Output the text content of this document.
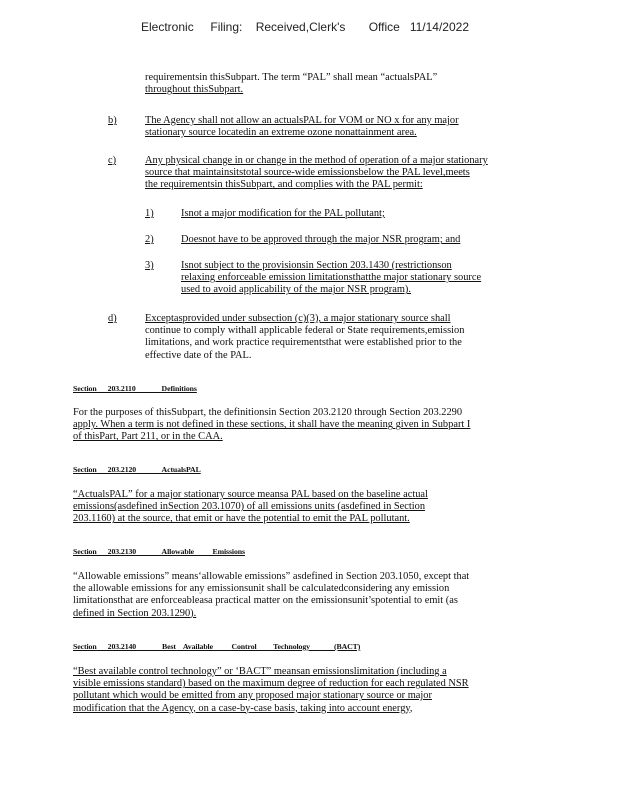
Electronic     Filing:    Received,Clerk's       Office   11/14/2022
requirementsin thisSubpart. The term “PAL” shall mean “actualsPAL”
throughout thisSubpart.
b)	The Agency shall not allow an actualsPAL for VOM or NO x for any major
stationary source locatedin an extreme ozone nonattainment area.
c)	Any physical change in or change in the method of operation of a major stationary
source that maintainsitstotal source-wide emissionsbelow the PAL level,meets
the requirementsin thisSubpart, and complies with the PAL permit:
1)	Isnot a major modification for the PAL pollutant;
2)	Doesnot have to be approved through the major NSR program; and
3)	Isnot subject to the provisionsin Section 203.1430 (restrictionson
relaxing enforceable emission limitationsthatthe major stationary source
used to avoid applicability of the major NSR program).
d)	Exceptasprovided under subsection (c)(3), a major stationary source shall
continue to comply withall applicable federal or State requirements,emission
limitations, and work practice requirementsthat were established prior to the
effective date of the PAL.
Section      203.2110              Definitions
For the purposes of thisSubpart, the definitionsin Section 203.2120 through Section 203.2290
apply. When a term is not defined in these sections, it shall have the meaning given in Subpart I
of thisPart, Part 211, or in the CAA.
Section      203.2120              ActualsPAL
“ActualsPAL” for a major stationary source meansa PAL based on the baseline actual
emissions(asdefined inSection 203.1070) of all emissions units (asdefined in Section
203.1160) at the source, that emit or have the potential to emit the PAL pollutant.
Section      203.2130              Allowable          Emissions
“Allowable emissions” means‘allowable emissions” asdefined in Section 203.1050, except that
the allowable emissions for any emissionsunit shall be calculatedconsidering any emission
limitationsthat are enforceableasa practical matter on the emissionsunit’spotential to emit (as
defined in Section 203.1290).
Section      203.2140              Best    Available          Control         Technology             (BACT)
“Best available control technology” or ‘BACT” meansan emissionslimitation (including a
visible emissions standard) based on the maximum degree of reduction for each regulated NSR
pollutant which would be emitted from any proposed major stationary source or major
modification that the Agency, on a case-by-case basis, taking into account energy,
